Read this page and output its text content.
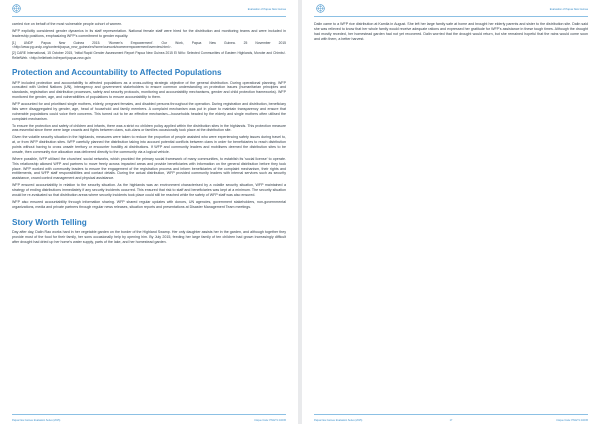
Evaluation of Papua New Guinea

carried rice on behalf of the most vulnerable people cohort of women.

WFP explicitly considered gender dynamics in its staff representation. National female staff were hired for the distribution and monitoring teams and were included in leadership positions, emphasizing WFP's commitment to gender equality.

[1] UNDP Papua New Guinea 2015. 'Women's Empowerment'. Our Work, Papua New Guinea. 25 November 2015 <http://www.pg.undp.org/content/papua_new_guinea/en/home/ourwork/womenempowerment/overview.html>.

[2] CARE International, 15 October 2015, 'Initial Rapid Gender Assessment Report Papua New Guinea 2015 El Niño: Selected Communities of Eastern Highlands, Morobe and Chimbu'. ReliefWeb. <http://reliefweb.int/report/papua-new-guin

Protection and Accountability to Affected Populations

WFP included protection and accountability to affected populations as a cross-cutting strategic objective of the general distribution. During operational planning, WFP consulted with United Nations (UN), interagency and government stakeholders to ensure common understanding on protection issues (humanitarian principles and standards, registration and distribution processes, safety and security protocols, monitoring and accountability mechanisms, gender and child protection frameworks). WFP monitored the gender, age, and vulnerabilities of populations to ensure accountability to them.

WFP accounted for and prioritised single mothers, elderly, pregnant females, and disabled persons throughout the operation. During registration and distribution, beneficiary lists were disaggregated by gender, age, head of household and family members. A complaint mechanism was put in place to maintain transparency and ensure that vulnerable populations could voice their concerns. This turned out to be an effective mechanism—households headed by the elderly and single mothers often utilised the complaint mechanism.

To ensure the protection and safety of children and infants, there was a strict no children policy applied within the distribution sites in the highlands. This protection measure was essential since there were large crowds and fights between clans, sub-clans or families occasionally took place at the distribution site.

Given the volatile security situation in the highlands, measures were taken to reduce the proportion of people assisted who were experiencing safety issues during travel to, at, or from WFP distribution sites. WFP carefully planned the distribution taking into account potential conflicts between clans in order for beneficiaries to reach distribution points without having to cross unsafe territory or encounter hostility at distributions. If WFP and community leaders and mobilisers deemed the distribution sites to be unsafe, then community rice allocation was delivered directly to the community via a logical vehicle.

Where possible, WFP utilised the churches' social networks, which provided the primary social framework of many communities, to establish its 'social license' to operate. This relationship allowed WFP and partners to move freely across impacted areas and provide beneficiaries with information on the general distribution before they took place. WFP worked with community leaders to ensure the engagement of the registration process and inform beneficiaries of the complaint mechanism, their rights and entitlements, and WFP staff responsibilities and contact details. During the actual distribution, WFP provided community leaders with internal services such as security assistance, crowd control management and physical assistance.

WFP ensured accountability in relation to the security situation. As the highlands was an environment characterised by a volatile security situation, WFP maintained a strategy of ending distributions immediately if any security incidents occurred. This ensured that risk to staff and beneficiaries was kept at a minimum. The security situation would be re-evaluated so that distribution areas where security incidents took place could still be reached while the safety of WFP staff was also ensured.

WFP also ensured accountability through information sharing. WFP shared regular updates with donors, UN agencies, government stakeholders, non-governmental organizations, media and private partners through regular news releases, situation reports and presentations at Disaster Management Team meetings.

Story Worth Telling

Day after day, Dalin Rao works hard in her vegetable garden on the border of the Highland Swamp. Her only daughter assists her in the garden, and although together they provide most of the food for their family, her sons occasionally help by opening him. By July 2015, feeding her large family of ten children had grown increasingly difficult after drought had dried up her home's water supply, parts of the lake, and her homestead garden.

Papua New Guinea: Evaluation Series (2015)	Unique Code: PNG/T1 2/2015
Evaluation of Papua New Guinea

Dalin came to a WFP rice distribution at Kamila in August. She left her large family safe at home and brought her elderly parents and sister to the distribution site. Dalin said she was relieved to know that her whole family would receive adequate rations and expressed her gratitude for WFP's assistance in these tough times. Although the drought had mostly receded, her homestead garden had not yet recovered. Dalin worried that the drought would return, but she remained hopeful that the rains would come soon and with them, a better harvest.

Papua New Guinea: Evaluation Series (2015)	17	Unique Code: PNG/T1 2/2015
